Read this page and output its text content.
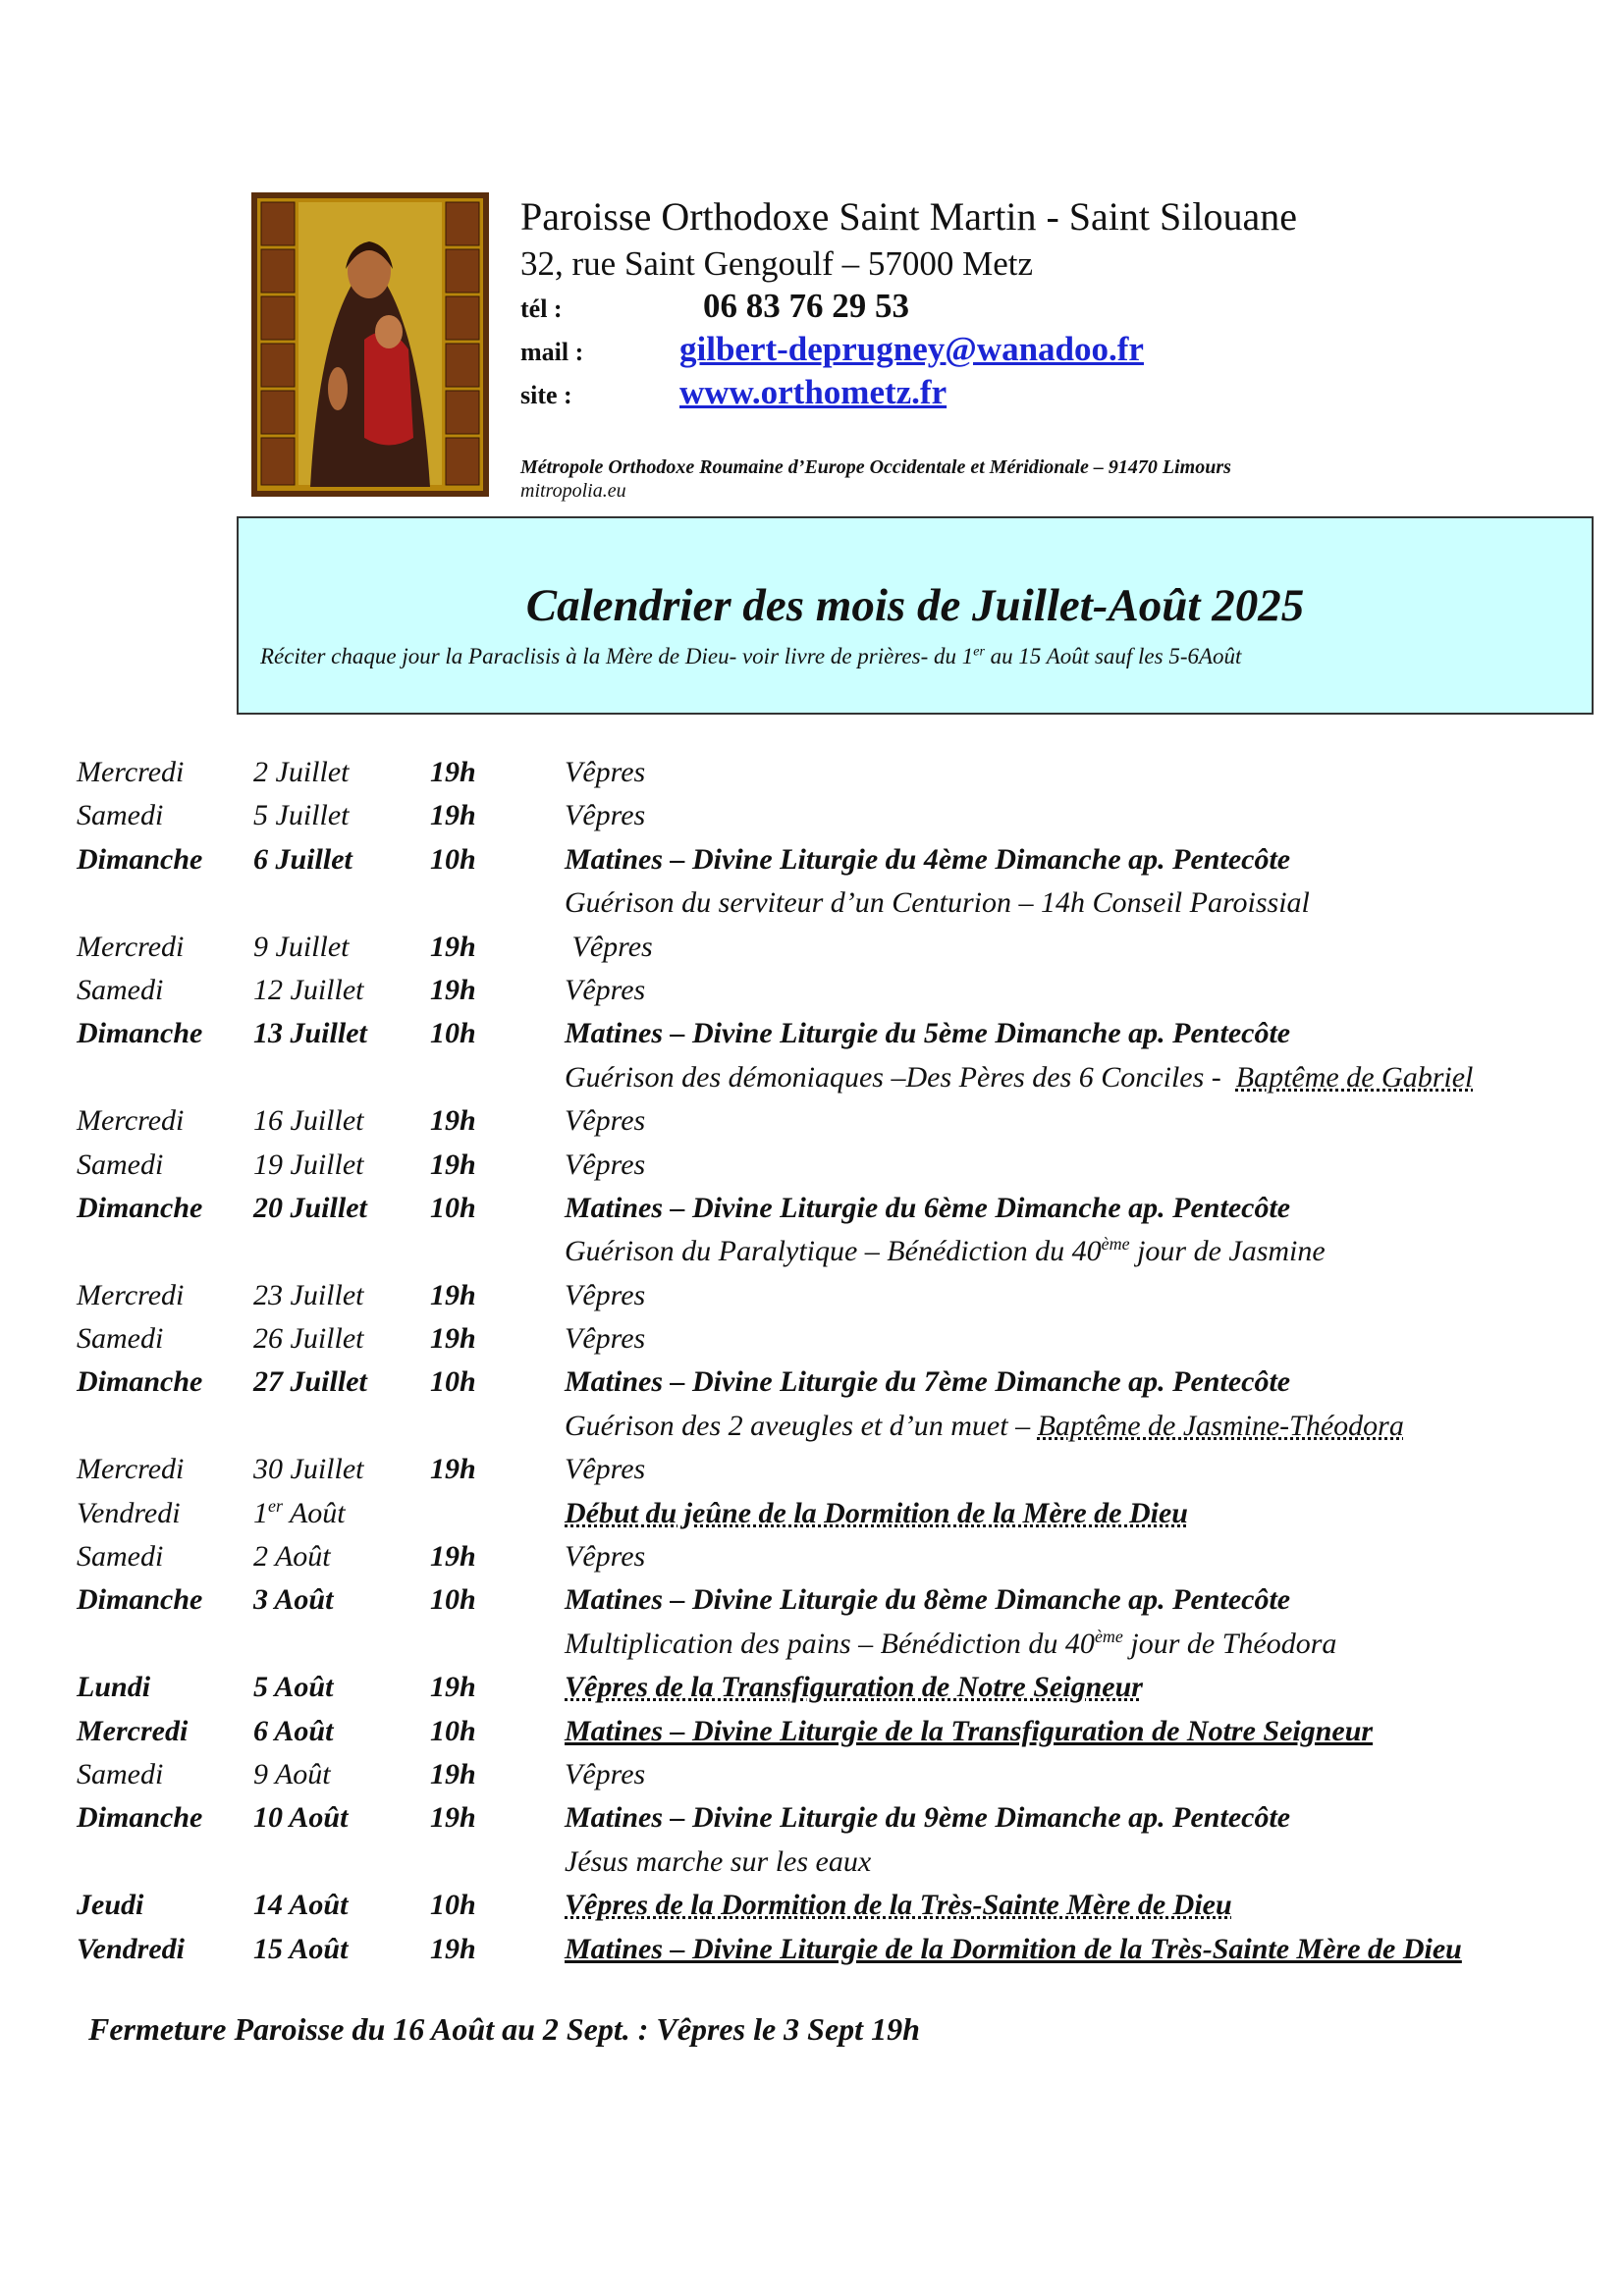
Paroisse Orthodoxe Saint Martin - Saint Silouane

32, rue Saint Gengoulf – 57000 Metz

tél :	06 83 76 29 53
mail :	gilbert-deprugney@wanadoo.fr
site :	www.orthometz.fr
Métropole Orthodoxe Roumaine d’Europe Occidentale et Méridionale – 91470 Limours
mitropolia.eu
Calendrier des mois de Juillet-Août 2025
Réciter chaque jour la Paraclisis à la Mère de Dieu- voir livre de prières- du 1er au 15 Août sauf les 5-6Août
Mercredi 2 Juillet	19h	Vêpres
Samedi	5 Juillet	19h	Vêpres
Dimanche 6 Juillet	10h	Matines – Divine Liturgie du 4ème Dimanche ap. Pentecôte
Guérison du serviteur d’un Centurion – 14h Conseil Paroissial
Mercredi 9 Juillet	19h	Vêpres
Samedi	12 Juillet 19h	Vêpres
Dimanche 13 Juillet 10h	Matines – Divine Liturgie du 5ème Dimanche ap. Pentecôte
Guérison des démoniaques –Des Pères des 6 Conciles -  Baptême de Gabriel
Mercredi 16 Juillet 19h	Vêpres
Samedi	19 Juillet 19h	Vêpres
Dimanche 20 Juillet 10h	Matines – Divine Liturgie du 6ème Dimanche ap. Pentecôte
Guérison du Paralytique – Bénédiction du 40ème jour de Jasmine
Mercredi 23 Juillet 19h	Vêpres
Samedi	26 Juillet 19h	Vêpres
Dimanche 27 Juillet 10h	Matines – Divine Liturgie du 7ème Dimanche ap. Pentecôte
Guérison des 2 aveugles et d’un muet – Baptême de Jasmine-Théodora
Mercredi 30 Juillet 19h	Vêpres
Vendredi 1er Août	Début du jeûne de la Dormition de la Mère de Dieu
Samedi	2 Août	19h	Vêpres
Dimanche 3 Août	10h	Matines – Divine Liturgie du 8ème Dimanche ap. Pentecôte
Multiplication des pains – Bénédiction du 40ème jour de Théodora
Lundi	5 Août	19h	Vêpres de la Transfiguration de Notre Seigneur
Mercredi 6 Août	10h	Matines – Divine Liturgie de la Transfiguration de Notre Seigneur
Samedi	9 Août	19h	Vêpres
Dimanche 10 Août	19h	Matines – Divine Liturgie du 9ème Dimanche ap. Pentecôte
Jésus marche sur les eaux
Jeudi	14 Août	10h	Vêpres de la Dormition de la Très-Sainte Mère de Dieu
Vendredi 15 Août	19h	Matines – Divine Liturgie de la Dormition de la Très-Sainte Mère de Dieu
Fermeture Paroisse du 16 Août au 2 Sept. : Vêpres le 3 Sept 19h
